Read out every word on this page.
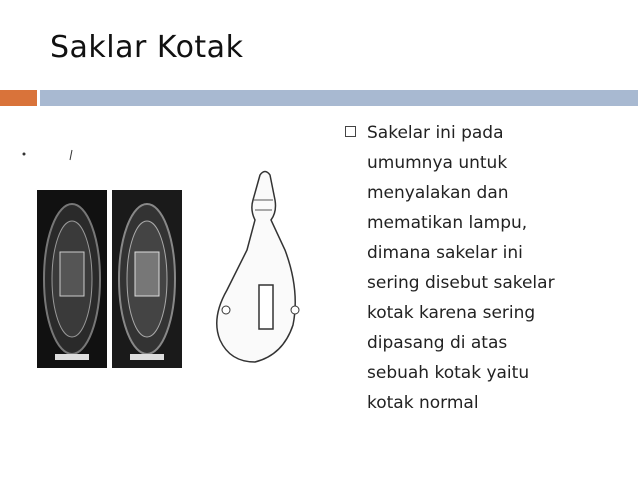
Saklar Kotak
Sakelar ini pada
umumnya untuk
menyalakan dan
mematikan lampu,
dimana sakelar ini
sering disebut sakelar
kotak karena sering
dipasang di atas
sebuah kotak yaitu
kotak normal
